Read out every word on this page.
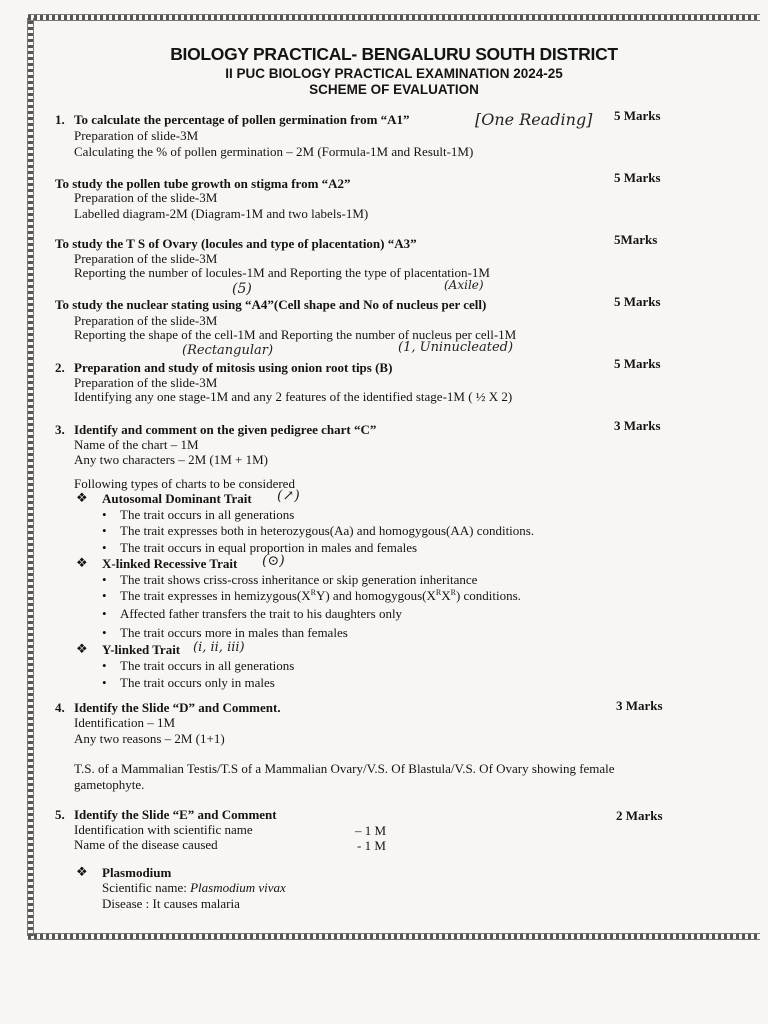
BIOLOGY PRACTICAL- BENGALURU SOUTH DISTRICT
II PUC BIOLOGY PRACTICAL EXAMINATION 2024-25
SCHEME OF EVALUATION
1. To calculate the percentage of pollen germination from “A1”	[One Reading] 5 Marks
Preparation of slide-3M
Calculating the % of pollen germination – 2M (Formula-1M and Result-1M)
To study the pollen tube growth on stigma from “A2”	5 Marks
Preparation of the slide-3M
Labelled diagram-2M (Diagram-1M and two labels-1M)
To study the T S of Ovary (locules and type of placentation) “A3”	5Marks
Preparation of the slide-3M
Reporting the number of locules-1M and Reporting the type of placentation-1M
(5)	(Axile)
To study the nuclear stating using “A4”(Cell shape and No of nucleus per cell)	5 Marks
Preparation of the slide-3M
Reporting the shape of the cell-1M and Reporting the number of nucleus per cell-1M
(Rectangular)	(1, Uninucleated)
2. Preparation and study of mitosis using onion root tips (B)	5 Marks
Preparation of the slide-3M
Identifying any one stage-1M and any 2 features of the identified stage-1M ( ½ X 2)
3. Identify and comment on the given pedigree chart “C”	3 Marks
Name of the chart – 1M
Any two characters – 2M (1M + 1M)
Following types of charts to be considered
❖ Autosomal Dominant Trait (↗)
• The trait occurs in all generations
• The trait expresses both in heterozygous(Aa) and homogygous(AA) conditions.
• The trait occurs in equal proportion in males and females
❖ X-linked Recessive Trait (⊙)
• The trait shows criss-cross inheritance or skip generation inheritance
• The trait expresses in $hemizygous(X^RY)$ and $homogygous(X^RX^R)$ conditions.
• Affected father transfers the trait to his daughters only
• The trait occurs more in males than females
❖ Y-linked Trait (i, ii, iii)
• The trait occurs in all generations
• The trait occurs only in males
4. Identify the Slide “D” and Comment.	3 Marks
Identification – 1M
Any two reasons – 2M (1+1)
T.S. of a Mammalian Testis/T.S of a Mammalian Ovary/V.S. Of Blastula/V.S. Of Ovary showing female
gametophyte.
5. Identify the Slide “E” and Comment	2 Marks
Identification with scientific name	– 1 M
Name of the disease caused	- 1 M
❖ Plasmodium
Scientific name: Plasmodium vivax
Disease : It causes malaria
